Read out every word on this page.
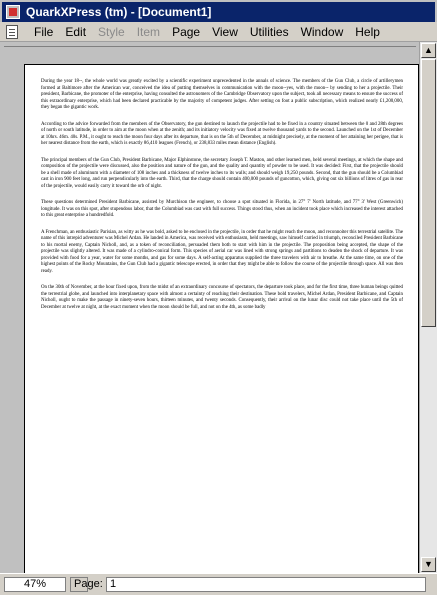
QuarkXPress (tm) - [Document1]
File	Edit	Style	Item	Page	View	Utilities	Window	Help

During the year 18--, the whole world was greatly excited by a scientific experiment unprecedented in the annals of science. The members of the Gun Club, a circle of artillerymen formed at Baltimore after the American war, conceived the idea of putting themselves in communication with the moon--yes, with the moon-- by sending to her a projectile. Their president, Barbicane, the promoter of the enterprise, having consulted the astronomers of the Cambridge Observatory upon the subject, took all necessary means to ensure the success of this extraordinary enterprise, which had been declared practicable by the majority of competent judges. After setting on foot a public subscription, which realized nearly £1,200,000, they began the gigantic work.

According to the advice forwarded from the members of the Observatory, the gun destined to launch the projectile had to be fixed in a country situated between the 0 and 28th degrees of north or south latitude, in order to aim at the moon when at the zenith; and its initiatory velocity was fixed at twelve thousand yards to the second. Launched on the 1st of December at 10hrs. 46m. 40s. P.M., it ought to reach the moon four days after its departure, that is on the 5th of December, at midnight precisely, at the moment of her attaining her perigee, that is her nearest distance from the earth, which is exactly 86,410 leagues (French), or 238,833 miles mean distance (English).

The principal members of the Gun Club, President Barbicane, Major Elphinstone, the secretary Joseph T. Maston, and other learned men, held several meetings, at which the shape and composition of the projectile were discussed, also the position and nature of the gun, and the quality and quantity of powder to be used. It was decided: First, that the projectile should be a shell made of aluminum with a diameter of 108 inches and a thickness of twelve inches to its walls; and should weigh 19,250 pounds. Second, that the gun should be a Columbiad cast in iron 900 feet long, and run perpendicularly into the earth. Third, that the charge should contain 400,000 pounds of guncotton, which, giving out six billions of litres of gas in rear of the projectile, would easily carry it toward the orb of night.

These questions determined President Barbicane, assisted by Murchison the engineer, to choose a spot situated in Florida, in 27° 7' North latitude, and 77° 3' West (Greenwich) longitude. It was on this spot, after stupendous labor, that the Columbiad was cast with full success. Things stood thus, when an incident took place which increased the interest attached to this great enterprise a hundredfold.

A Frenchman, an enthusiastic Parisian, as witty as he was bold, asked to be enclosed in the projectile, in order that he might reach the moon, and reconnoiter this terrestrial satellite. The name of this intrepid adventurer was Michel Ardan. He landed in America, was received with enthusiasm, held meetings, saw himself carried in triumph, reconciled President Barbicane to his mortal enemy, Captain Nicholl, and, as a token of reconciliation, persuaded them both to start with him in the projectile. The proposition being accepted, the shape of the projectile was slightly altered. It was made of a cylindro-conical form. This species of aerial car was lined with strong springs and partitions to deaden the shock of departure. It was provided with food for a year, water for some months, and gas for some days. A self-acting apparatus supplied the three travelers with air to breathe. At the same time, on one of the highest points of the Rocky Mountains, the Gun Club had a gigantic telescope erected, in order that they might be able to follow the course of the projectile through space. All was then ready.

On the 30th of November, at the hour fixed upon, from the midst of an extraordinary concourse of spectators, the departure took place, and for the first time, three human beings quitted the terrestrial globe, and launched into interplanetary space with almost a certainty of reaching their destination. These bold travelers, Michel Ardan, President Barbicane, and Captain Nicholl, ought to make the passage in ninety-seven hours, thirteen minutes, and twenty seconds. Consequently, their arrival on the lunar disc could not take place until the 5th of December at twelve at night, at the exact moment when the moon should be full, and not on the 4th, as some badly

▲
▼
47%	Page: 1
